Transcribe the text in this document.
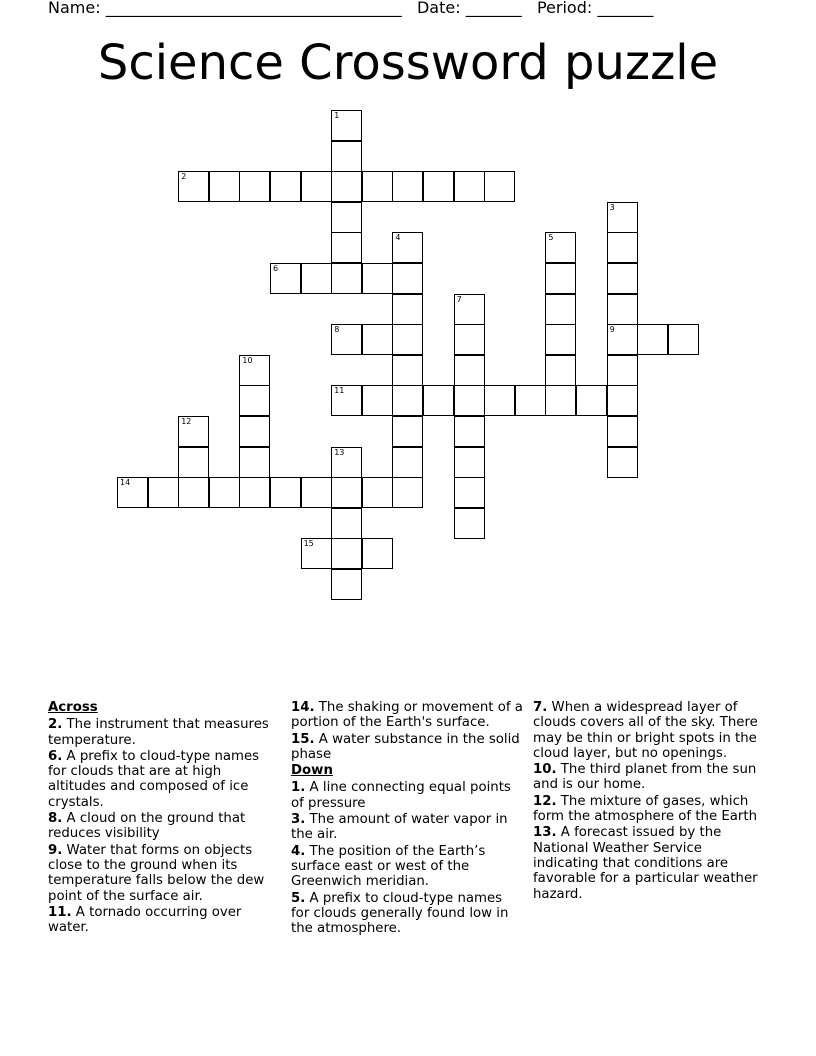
Name: _____________________________________ Date: _______ Period: _______
Science Crossword puzzle
1
2
3
9
4	5
6
7
8
10
11
12
13
14
15
Across
2. The instrument that measures temperature.
6. A prefix to cloud-type names for clouds that are at high altitudes and composed of ice crystals.
8. A cloud on the ground that reduces visibility
9. Water that forms on objects close to the ground when its temperature falls below the dew point of the surface air.
11. A tornado occurring over water.
14. The shaking or movement of a portion of the Earth's surface.
15. A water substance in the solid phase
Down
1. A line connecting equal points of pressure
3. The amount of water vapor in the air.
4. The position of the Earth’s surface east or west of the Greenwich meridian.
5. A prefix to cloud-type names for clouds generally found low in the atmosphere.
7. When a widespread layer of clouds covers all of the sky. There may be thin or bright spots in the cloud layer, but no openings.
10. The third planet from the sun and is our home.
12. The mixture of gases, which form the atmosphere of the Earth
13. A forecast issued by the National Weather Service indicating that conditions are favorable for a particular weather hazard.
